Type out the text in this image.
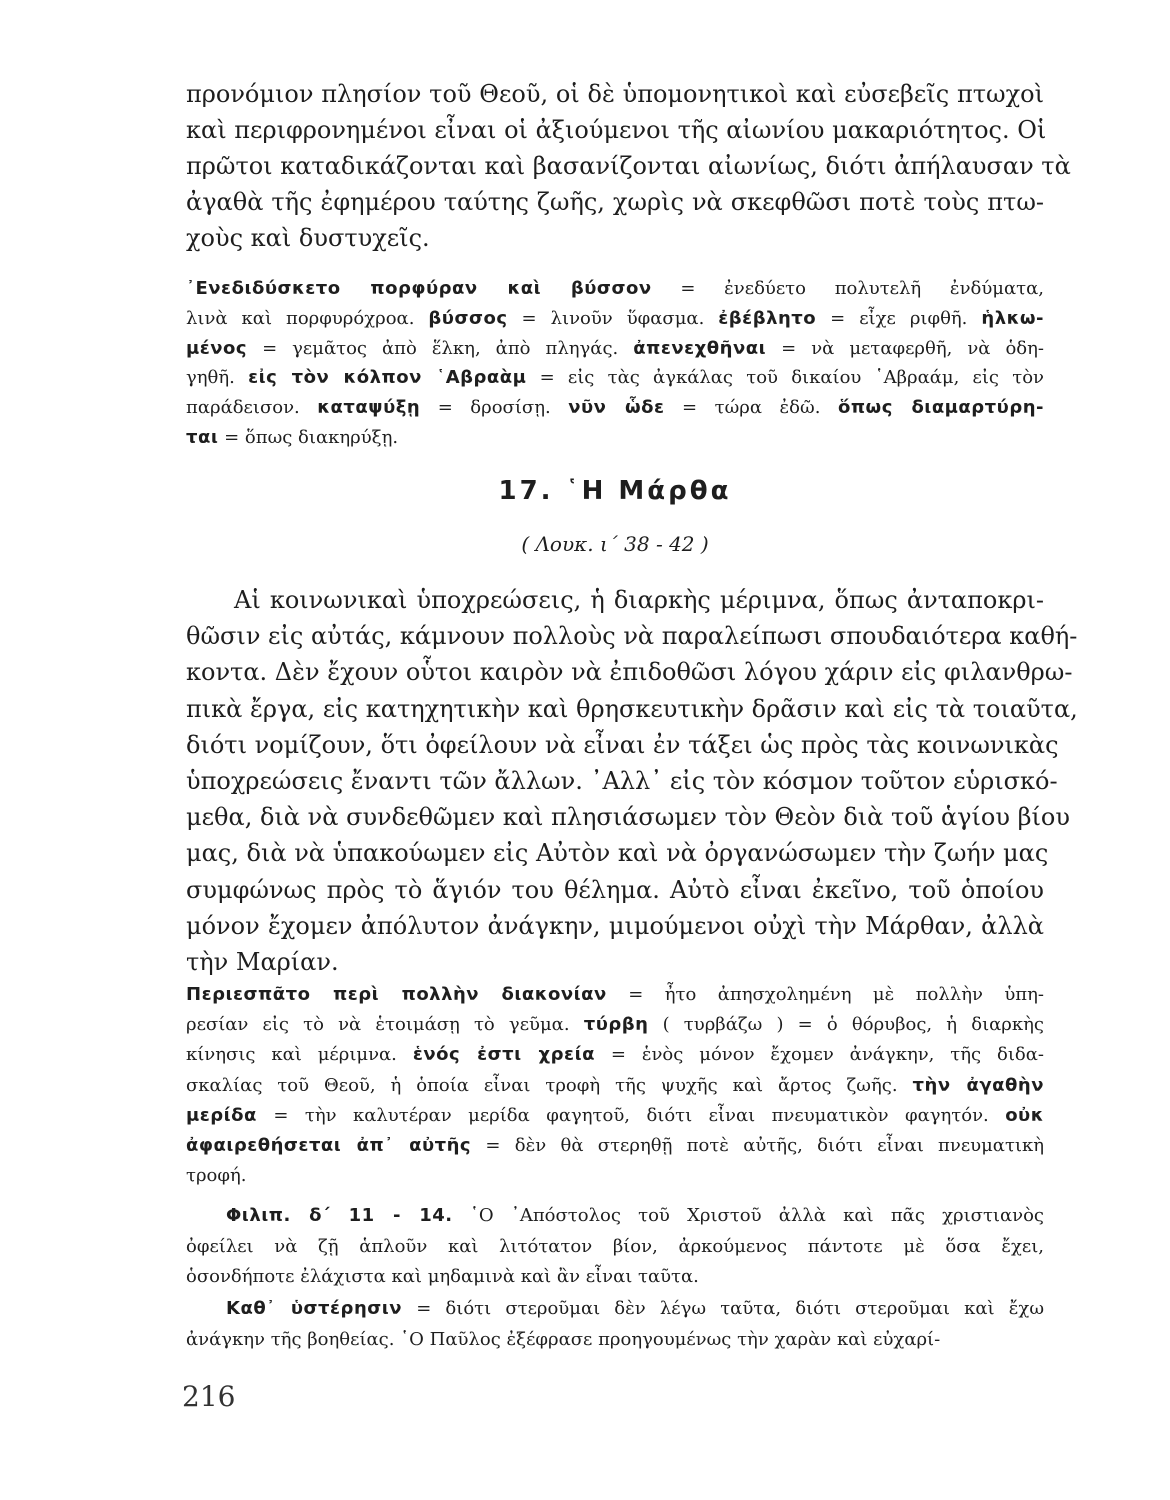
προνόμιον πλησίον τοῦ Θεοῦ, οἱ δὲ ὑπομονητικοὶ καὶ εὐσεβεῖς πτωχοὶ
καὶ περιφρονημένοι εἶναι οἱ ἀξιούμενοι τῆς αἰωνίου μακαριότητος. Οἱ
πρῶτοι καταδικάζονται καὶ βασανίζονται αἰωνίως, διότι ἀπήλαυσαν τὰ
ἀγαθὰ τῆς ἐφημέρου ταύτης ζωῆς, χωρὶς νὰ σκεφθῶσι ποτὲ τοὺς πτω-
χοὺς καὶ δυστυχεῖς.
᾿Ενεδιδύσκετο πορφύραν καὶ βύσσον = ἐνεδύετο πολυτελῆ ἐνδύματα,
λινὰ καὶ πορφυρόχροα. βύσσος = λινοῦν ὕφασμα. ἐβέβλητο = εἶχε ριφθῆ. ἡλκω-
μένος = γεμᾶτος ἀπὸ ἕλκη, ἀπὸ πληγάς. ἀπενεχθῆναι = νὰ μεταφερθῆ, νὰ ὁδη-
γηθῆ. εἰς τὸν κόλπον ῾Αβραὰμ = εἰς τὰς ἀγκάλας τοῦ δικαίου ῾Αβραάμ, εἰς τὸν
παράδεισον. καταψύξῃ = δροσίσῃ. νῦν ὧδε = τώρα ἐδῶ. ὅπως διαμαρτύρη-
ται = ὅπως διακηρύξῃ.
17. ῾Η Μάρθα

( Λουκ. ι΄ 38 - 42 )

Αἱ κοινωνικαὶ ὑποχρεώσεις, ἡ διαρκὴς μέριμνα, ὅπως ἀνταποκρι-
θῶσιν εἰς αὐτάς, κάμνουν πολλοὺς νὰ παραλείπωσι σπουδαιότερα καθή-
κοντα. Δὲν ἔχουν οὗτοι καιρὸν νὰ ἐπιδοθῶσι λόγου χάριν εἰς φιλανθρω-
πικὰ ἔργα, εἰς κατηχητικὴν καὶ θρησκευτικὴν δρᾶσιν καὶ εἰς τὰ τοιαῦτα,
διότι νομίζουν, ὅτι ὀφείλουν νὰ εἶναι ἐν τάξει ὡς πρὸς τὰς κοινωνικὰς
ὑποχρεώσεις ἔναντι τῶν ἄλλων. ᾿Αλλ᾿ εἰς τὸν κόσμον τοῦτον εὑρισκό-
μεθα, διὰ νὰ συνδεθῶμεν καὶ πλησιάσωμεν τὸν Θεὸν διὰ τοῦ ἁγίου βίου
μας, διὰ νὰ ὑπακούωμεν εἰς Αὐτὸν καὶ νὰ ὀργανώσωμεν τὴν ζωήν μας
συμφώνως πρὸς τὸ ἅγιόν του θέλημα. Αὐτὸ εἶναι ἐκεῖνο, τοῦ ὁποίου
μόνον ἔχομεν ἀπόλυτον ἀνάγκην, μιμούμενοι οὐχὶ τὴν Μάρθαν, ἀλλὰ
τὴν Μαρίαν.
Περιεσπᾶτο περὶ πολλὴν διακονίαν = ἦτο ἀπησχολημένη μὲ πολλὴν ὑπη-
ρεσίαν εἰς τὸ νὰ ἑτοιμάσῃ τὸ γεῦμα. τύρβη ( τυρβάζω ) = ὁ θόρυβος, ἡ διαρκὴς
κίνησις καὶ μέριμνα. ἑνός ἐστι χρεία = ἑνὸς μόνον ἔχομεν ἀνάγκην, τῆς διδα-
σκαλίας τοῦ Θεοῦ, ἡ ὁποία εἶναι τροφὴ τῆς ψυχῆς καὶ ἄρτος ζωῆς. τὴν ἀγαθὴν
μερίδα = τὴν καλυτέραν μερίδα φαγητοῦ, διότι εἶναι πνευματικὸν φαγητόν. οὐκ
ἀφαιρεθήσεται ἀπ᾿ αὐτῆς = δὲν θὰ στερηθῇ ποτὲ αὐτῆς, διότι εἶναι πνευματικὴ
τροφή.
Φιλιπ. δ΄ 11 - 14. ῾Ο ᾿Απόστολος τοῦ Χριστοῦ ἀλλὰ καὶ πᾶς χριστιανὸς
ὀφείλει νὰ ζῇ ἁπλοῦν καὶ λιτότατον βίον, ἀρκούμενος πάντοτε μὲ ὅσα ἔχει,
ὁσονδήποτε ἐλάχιστα καὶ μηδαμινὰ καὶ ἂν εἶναι ταῦτα.
Καθ᾿ ὑστέρησιν = διότι στεροῦμαι δὲν λέγω ταῦτα, διότι στεροῦμαι καὶ ἔχω
ἀνάγκην τῆς βοηθείας. ῾Ο Παῦλος ἐξέφρασε προηγουμένως τὴν χαρὰν καὶ εὐχαρί-

216
